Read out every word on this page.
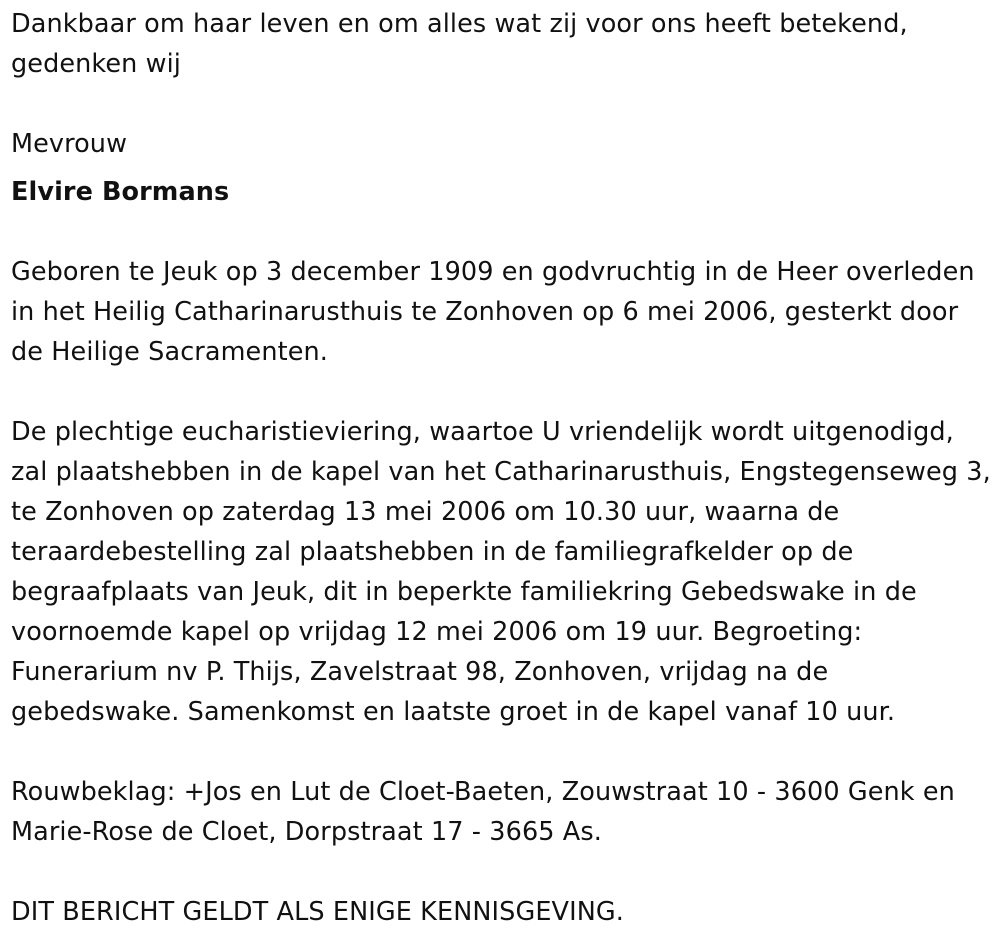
Dankbaar om haar leven en om alles wat zij voor ons heeft betekend, gedenken wij

Mevrouw

Elvire Bormans

Geboren te Jeuk op 3 december 1909 en godvruchtig in de Heer overleden in het Heilig Catharinarusthuis te Zonhoven op 6 mei 2006, gesterkt door de Heilige Sacramenten.

De plechtige eucharistieviering, waartoe U vriendelijk wordt uitgenodigd, zal plaatshebben in de kapel van het Catharinarusthuis, Engstegenseweg 3, te Zonhoven op zaterdag 13 mei 2006 om 10.30 uur, waarna de teraardebestelling zal plaatshebben in de familiegrafkelder op de begraafplaats van Jeuk, dit in beperkte familiekring Gebedswake in de voornoemde kapel op vrijdag 12 mei 2006 om 19 uur. Begroeting: Funerarium nv P. Thijs, Zavelstraat 98, Zonhoven, vrijdag na de gebedswake. Samenkomst en laatste groet in de kapel vanaf 10 uur.

Rouwbeklag: +Jos en Lut de Cloet-Baeten, Zouwstraat 10 - 3600 Genk en Marie-Rose de Cloet, Dorpstraat 17 - 3665 As.

DIT BERICHT GELDT ALS ENIGE KENNISGEVING.
